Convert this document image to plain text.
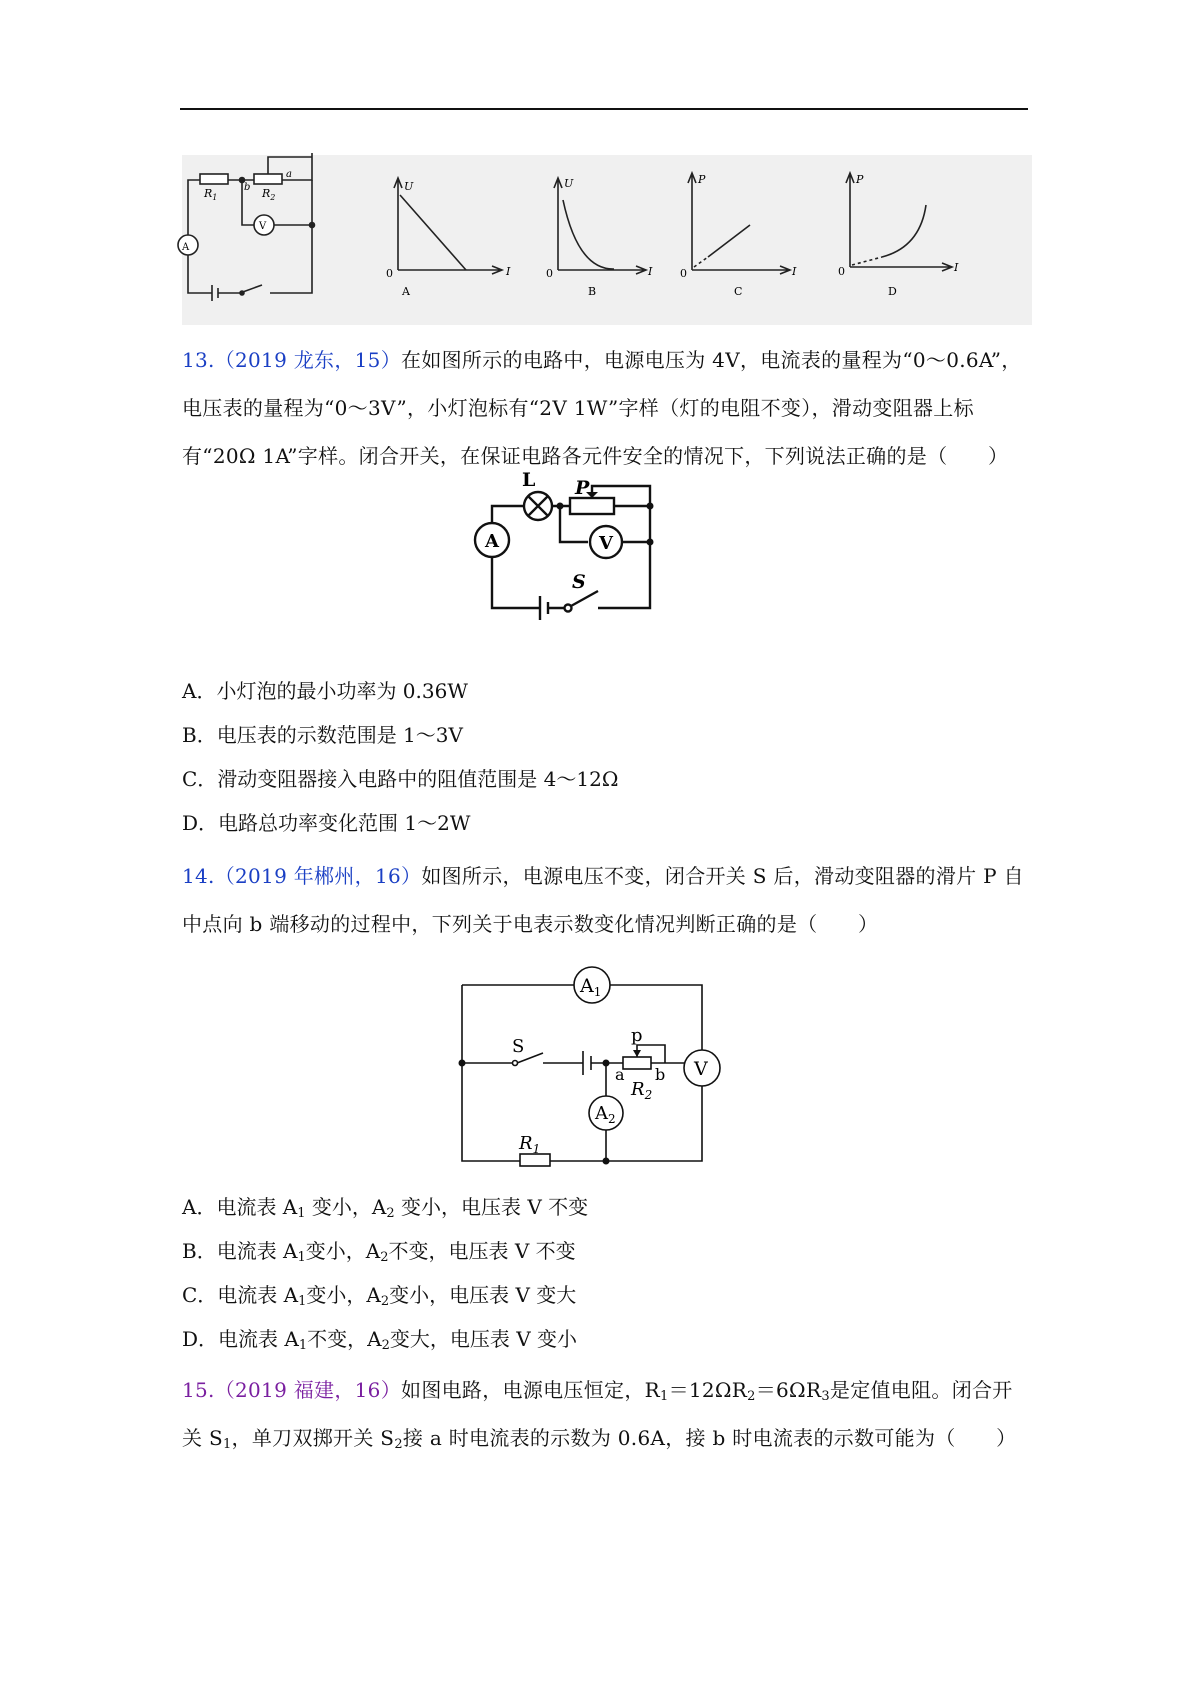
A
V
$R_1$	$R_2$
b
a
0
U
I
A
0
U
I
B
0
P
I
C
0
P
I
D
13.（2019 龙东，15）在如图所示的电路中，电源电压为 4V，电流表的量程为“0～0.6A”，电压表的量程为“0～3V”，小灯泡标有“2V 1W”字样（灯的电阻不变），滑动变阻器上标有“20Ω 1A”字样。闭合开关，在保证电路各元件安全的情况下，下列说法正确的是（　　）
A	V
L P
S
A．小灯泡的最小功率为 0.36W
B．电压表的示数范围是 1～3V
C．滑动变阻器接入电路中的阻值范围是 4～12Ω
D．电路总功率变化范围 1～2W
14.（2019 年郴州，16）如图所示，电源电压不变，闭合开关 S 后，滑动变阻器的滑片 P 自中点向 b 端移动的过程中，下列关于电表示数变化情况判断正确的是（　　）
$A_1$
$A_2$
V
S
p
a b
$R_2$
$R_1$
A．电流表 $A_1$ 变小，$A_2$ 变小，电压表 V 不变
B．电流表 $A_1$变小，$A_2$不变，电压表 V 不变
C．电流表 $A_1$变小，$A_2$变小，电压表 V 变大
D．电流表 $A_1$不变，$A_2$变大，电压表 V 变小
15.（2019 福建，16）如图电路，电源电压恒定，$R_1=12\Omega R_2=6\Omega R_3$是定值电阻。闭合开关 $S_1$，单刀双掷开关 $S_2$接 a 时电流表的示数为 0.6A，接 b 时电流表的示数可能为（　　）
